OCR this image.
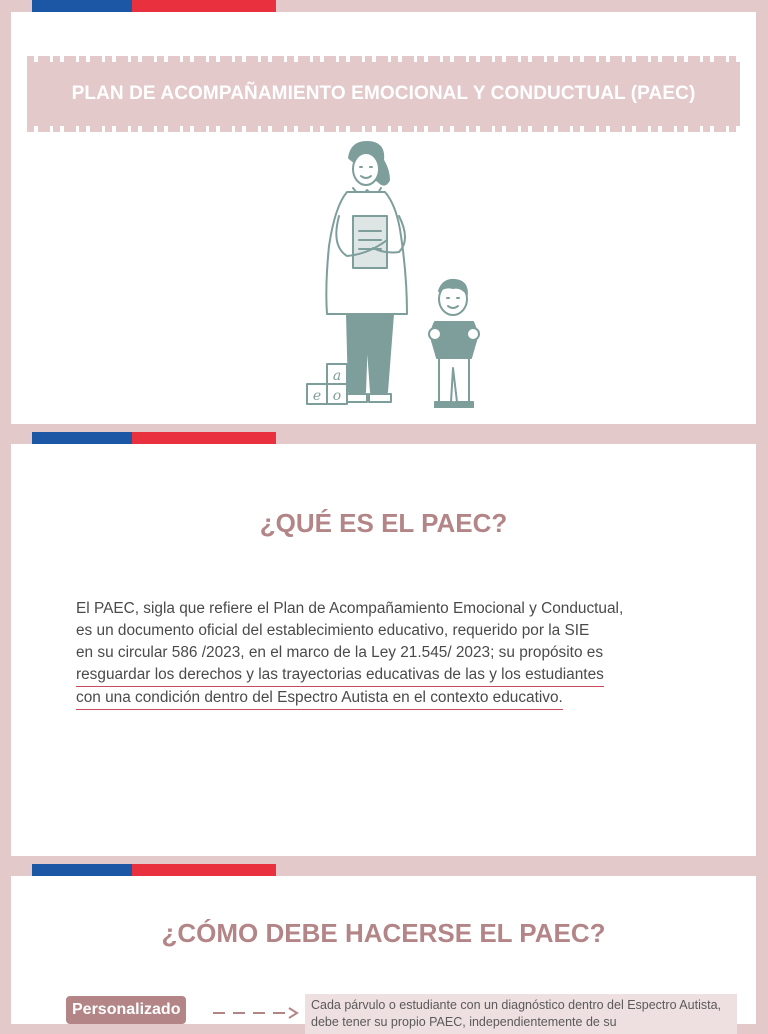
PLAN DE ACOMPAÑAMIENTO EMOCIONAL Y CONDUCTUAL (PAEC)
a
e o
¿QUÉ ES EL PAEC?
El PAEC, sigla que refiere el Plan de Acompañamiento Emocional y Conductual,
es un documento oficial del establecimiento educativo, requerido por la SIE
en su circular 586 /2023, en el marco de la Ley 21.545/ 2023; su propósito es
resguardar los derechos y las trayectorias educativas de las y los estudiantes
con una condición dentro del Espectro Autista en el contexto educativo.
¿CÓMO DEBE HACERSE EL PAEC?
Personalizado	Cada párvulo o estudiante con un diagnóstico dentro del Espectro Autista, debe tener su propio PAEC, independientemente de su
